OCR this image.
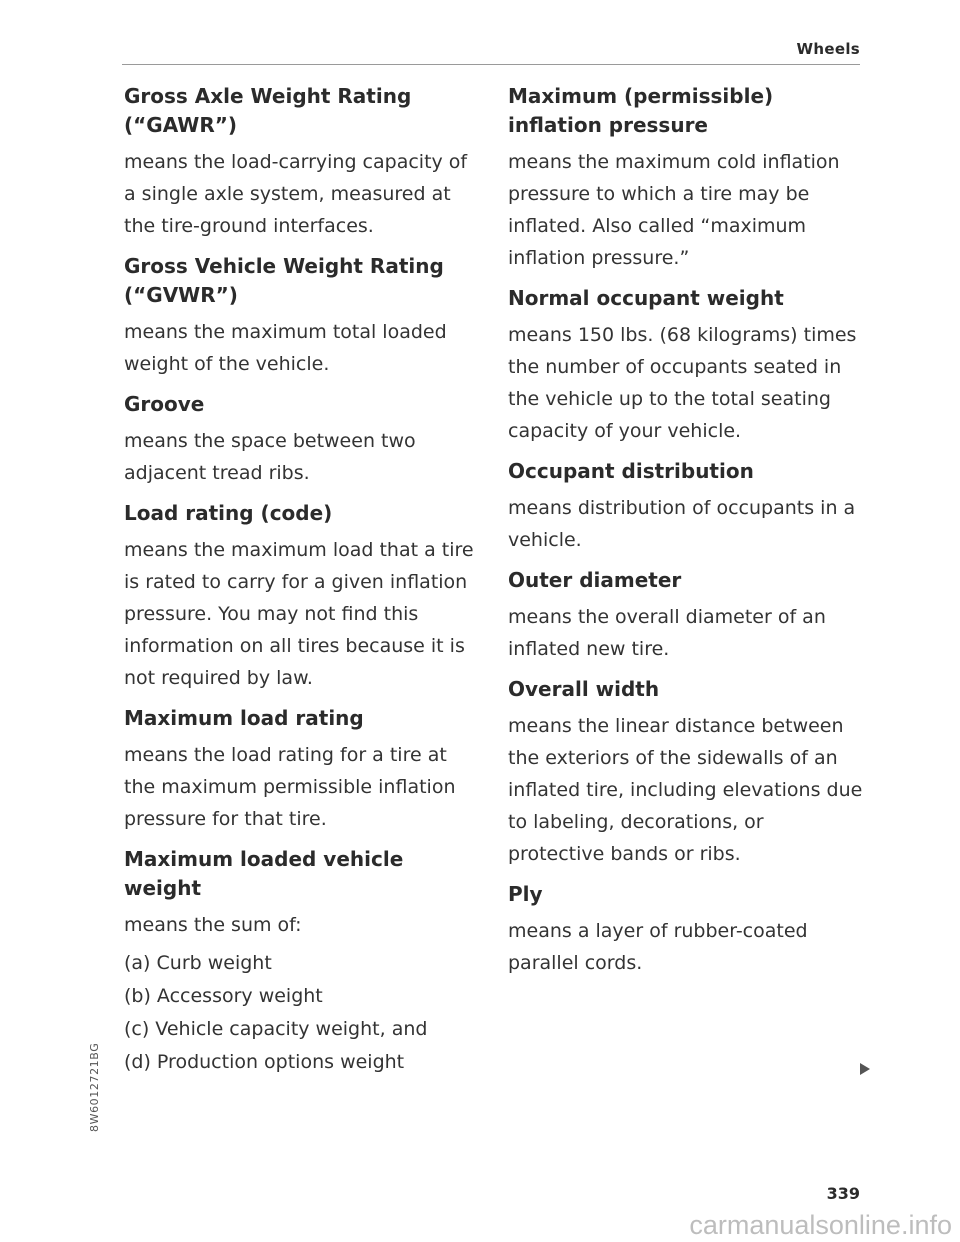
Wheels
Gross Axle Weight Rating (“GAWR”)

means the load-carrying capacity of a single axle system, measured at the tire-ground interfaces.

Gross Vehicle Weight Rating (“GVWR”)

means the maximum total loaded weight of the vehicle.

Groove

means the space between two adjacent tread ribs.

Load rating (code)

means the maximum load that a tire is rated to carry for a given inflation pressure. You may not find this information on all tires because it is not required by law.

Maximum load rating

means the load rating for a tire at the maximum permissible inflation pressure for that tire.

Maximum loaded vehicle weight

means the sum of:

(a) Curb weight
(b) Accessory weight
(c) Vehicle capacity weight, and
(d) Production options weight
Maximum (permissible) inflation pressure

means the maximum cold inflation pressure to which a tire may be inflated. Also called “maximum inflation pressure.”

Normal occupant weight

means 150 lbs. (68 kilograms) times the number of occupants seated in the vehicle up to the total seating capacity of your vehicle.

Occupant distribution

means distribution of occupants in a vehicle.

Outer diameter

means the overall diameter of an inflated new tire.

Overall width

means the linear distance between the exteriors of the sidewalls of an inflated tire, including elevations due to labeling, decorations, or protective bands or ribs.

Ply

means a layer of rubber-coated parallel cords.

8W6012721BG
339
carmanualsonline.info
